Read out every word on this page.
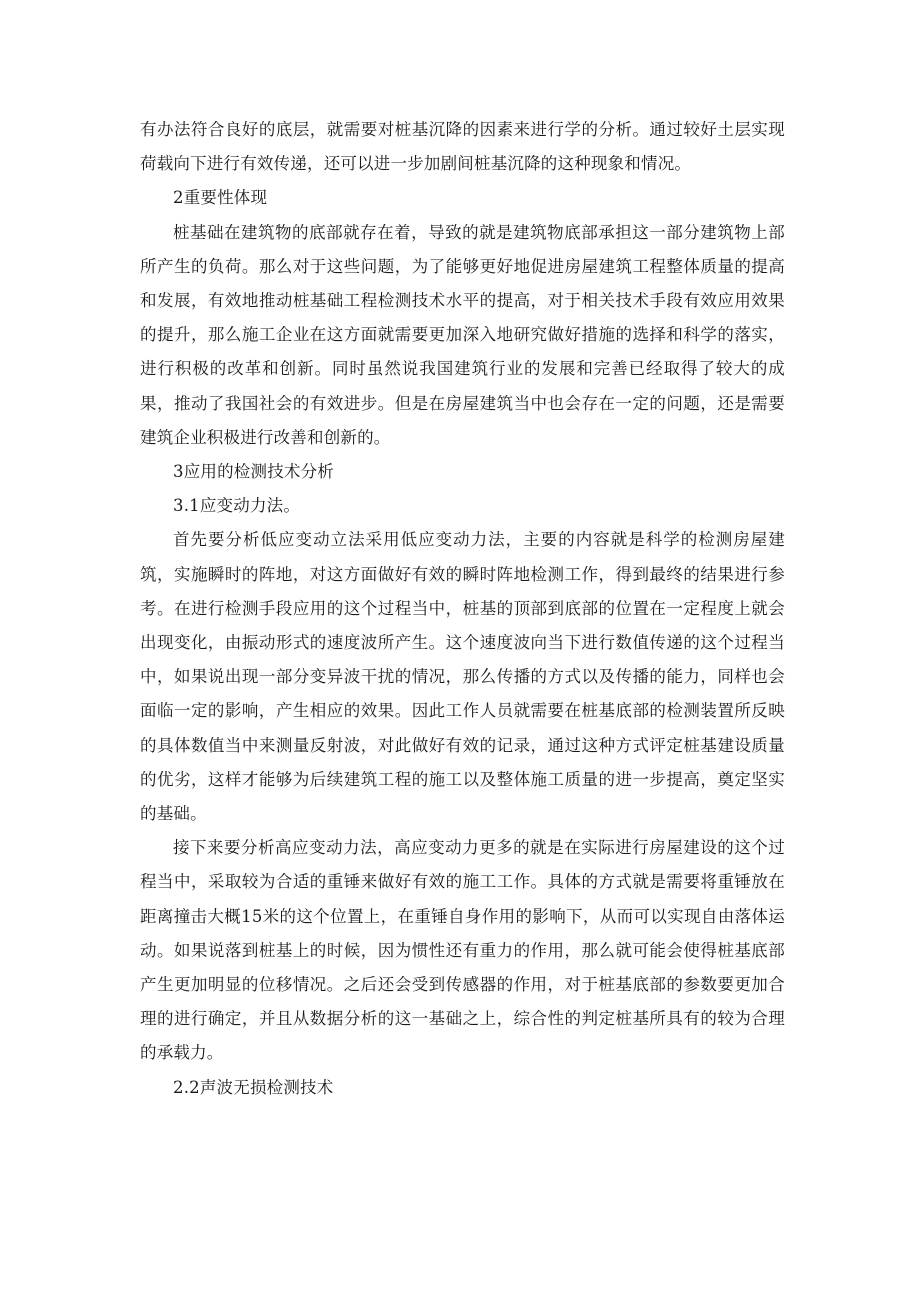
有办法符合良好的底层，就需要对桩基沉降的因素来进行学的分析。通过较好土层实现荷载向下进行有效传递，还可以进一步加剧间桩基沉降的这种现象和情况。

2重要性体现

桩基础在建筑物的底部就存在着，导致的就是建筑物底部承担这一部分建筑物上部所产生的负荷。那么对于这些问题，为了能够更好地促进房屋建筑工程整体质量的提高和发展，有效地推动桩基础工程检测技术水平的提高，对于相关技术手段有效应用效果的提升，那么施工企业在这方面就需要更加深入地研究做好措施的选择和科学的落实，进行积极的改革和创新。同时虽然说我国建筑行业的发展和完善已经取得了较大的成果，推动了我国社会的有效进步。但是在房屋建筑当中也会存在一定的问题，还是需要建筑企业积极进行改善和创新的。

3应用的检测技术分析

3.1应变动力法。

首先要分析低应变动立法采用低应变动力法，主要的内容就是科学的检测房屋建筑，实施瞬时的阵地，对这方面做好有效的瞬时阵地检测工作，得到最终的结果进行参考。在进行检测手段应用的这个过程当中，桩基的顶部到底部的位置在一定程度上就会出现变化，由振动形式的速度波所产生。这个速度波向当下进行数值传递的这个过程当中，如果说出现一部分变异波干扰的情况，那么传播的方式以及传播的能力，同样也会面临一定的影响，产生相应的效果。因此工作人员就需要在桩基底部的检测装置所反映的具体数值当中来测量反射波，对此做好有效的记录，通过这种方式评定桩基建设质量的优劣，这样才能够为后续建筑工程的施工以及整体施工质量的进一步提高，奠定坚实的基础。

接下来要分析高应变动力法，高应变动力更多的就是在实际进行房屋建设的这个过程当中，采取较为合适的重锤来做好有效的施工工作。具体的方式就是需要将重锤放在距离撞击大概15米的这个位置上，在重锤自身作用的影响下，从而可以实现自由落体运动。如果说落到桩基上的时候，因为惯性还有重力的作用，那么就可能会使得桩基底部产生更加明显的位移情况。之后还会受到传感器的作用，对于桩基底部的参数要更加合理的进行确定，并且从数据分析的这一基础之上，综合性的判定桩基所具有的较为合理的承载力。

2.2声波无损检测技术
